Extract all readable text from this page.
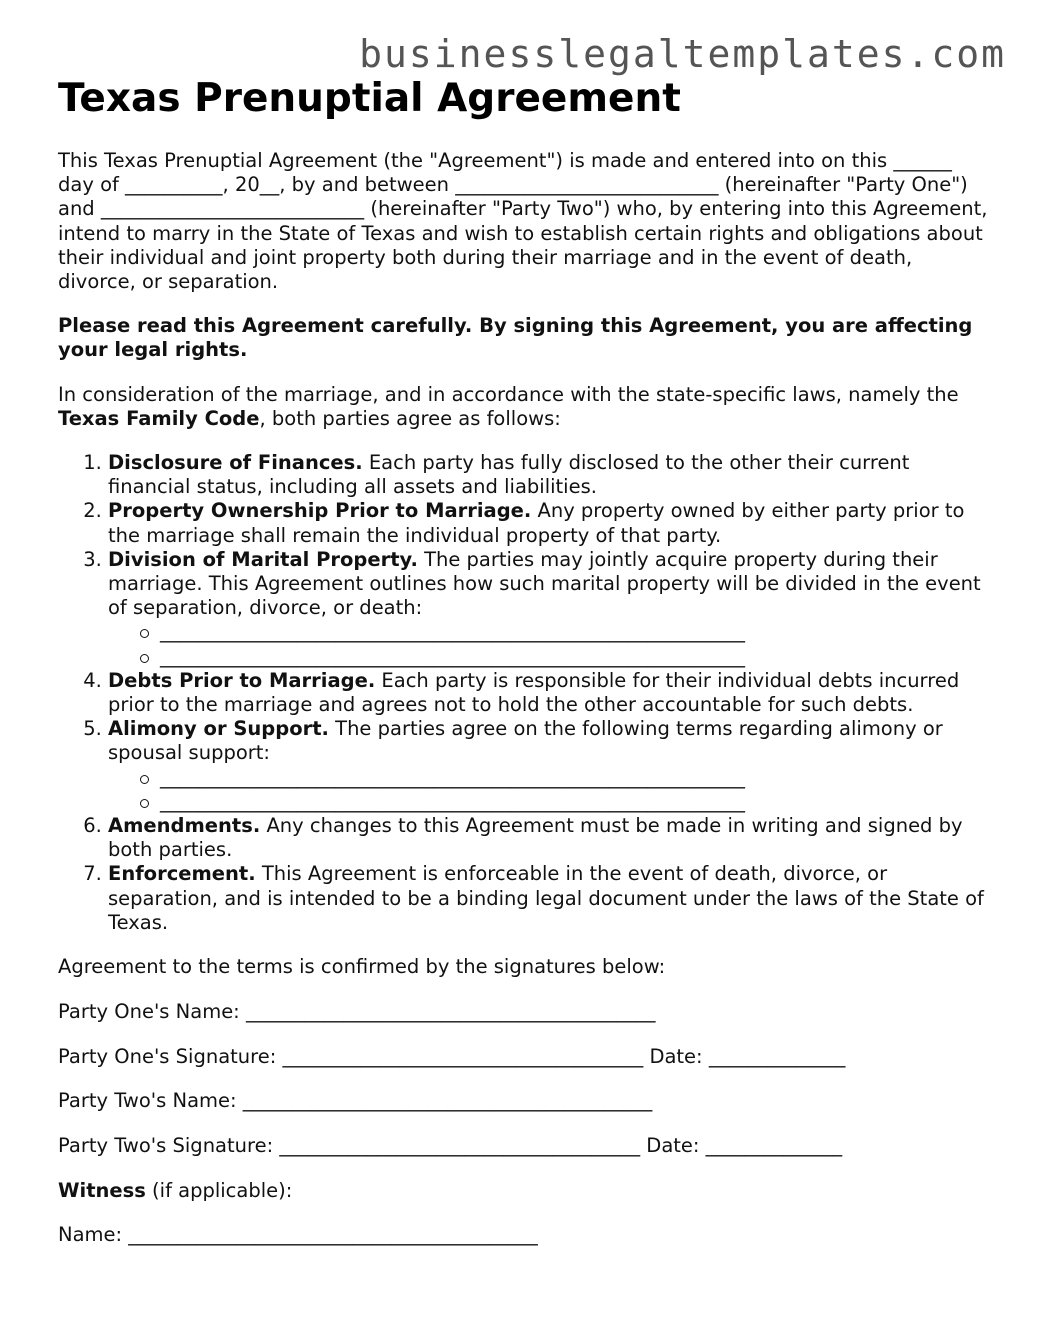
businesslegaltemplates.com
Texas Prenuptial Agreement

This Texas Prenuptial Agreement (the "Agreement") is made and entered into on this ______ day of __________, 20__, by and between ___________________________ (hereinafter "Party One") and ___________________________ (hereinafter "Party Two") who, by entering into this Agreement, intend to marry in the State of Texas and wish to establish certain rights and obligations about their individual and joint property both during their marriage and in the event of death, divorce, or separation.

Please read this Agreement carefully. By signing this Agreement, you are affecting your legal rights.

In consideration of the marriage, and in accordance with the state-specific laws, namely the Texas Family Code, both parties agree as follows:

1. Disclosure of Finances. Each party has fully disclosed to the other their current financial status, including all assets and liabilities.
2. Property Ownership Prior to Marriage. Any property owned by either party prior to the marriage shall remain the individual property of that party.
3. Division of Marital Property. The parties may jointly acquire property during their marriage. This Agreement outlines how such marital property will be divided in the event of separation, divorce, or death:
____________________________________________________________
____________________________________________________________
4. Debts Prior to Marriage. Each party is responsible for their individual debts incurred prior to the marriage and agrees not to hold the other accountable for such debts.
5. Alimony or Support. The parties agree on the following terms regarding alimony or spousal support:
____________________________________________________________
____________________________________________________________
6. Amendments. Any changes to this Agreement must be made in writing and signed by both parties.
7. Enforcement. This Agreement is enforceable in the event of death, divorce, or separation, and is intended to be a binding legal document under the laws of the State of Texas.

Agreement to the terms is confirmed by the signatures below:

Party One's Name: __________________________________________

Party One's Signature: _____________________________________ Date: ______________

Party Two's Name: __________________________________________

Party Two's Signature: _____________________________________ Date: ______________

Witness (if applicable):

Name: __________________________________________
